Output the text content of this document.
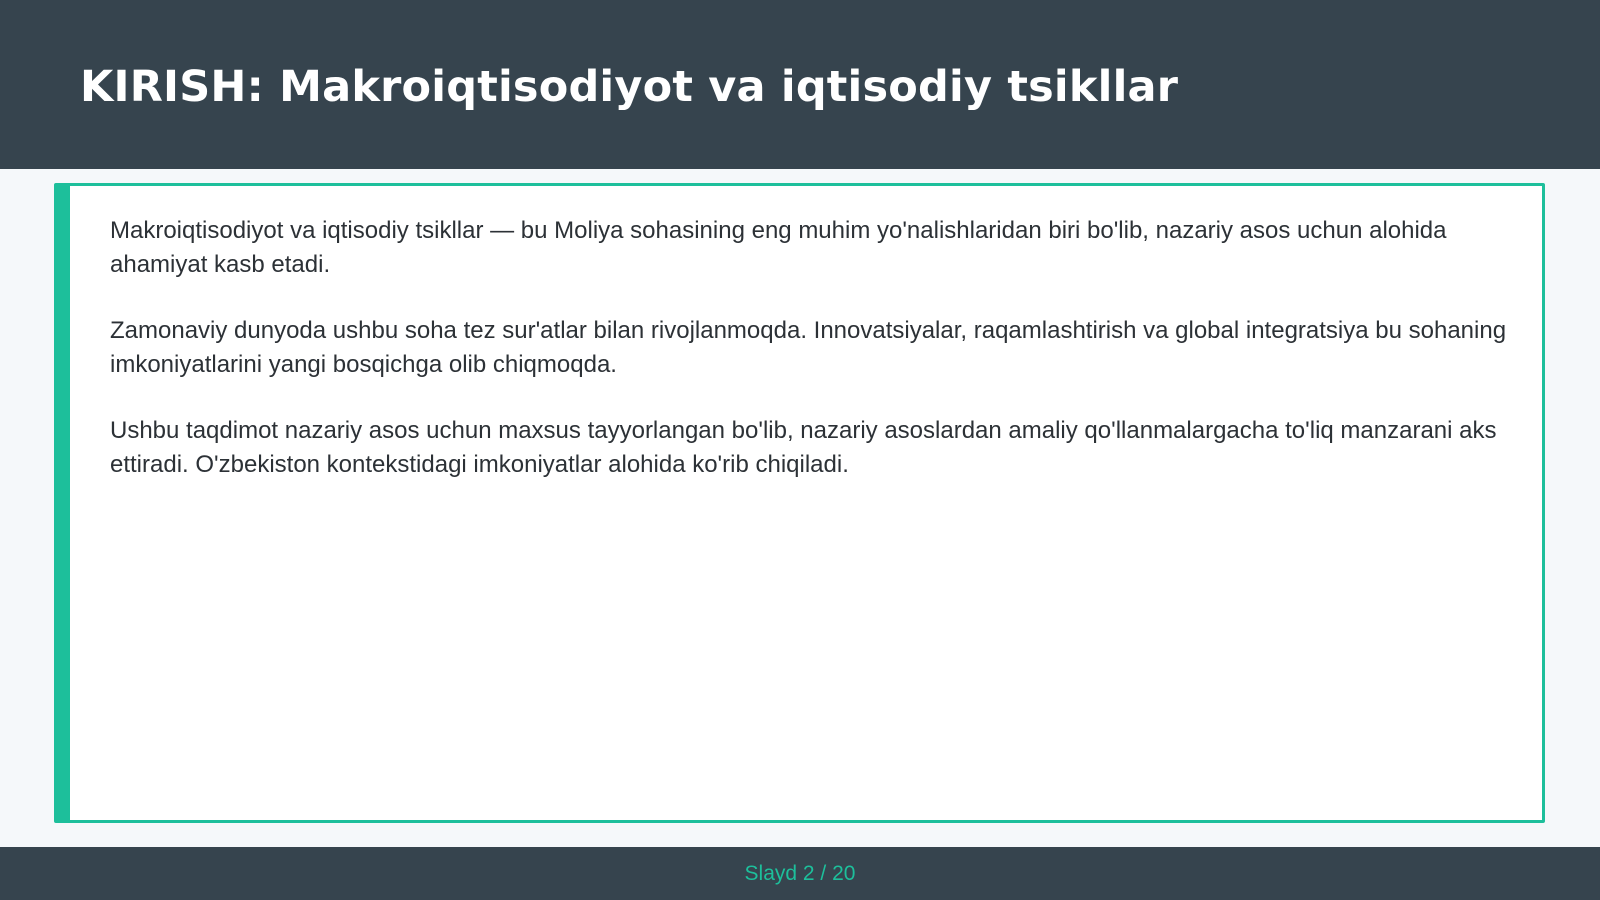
KIRISH: Makroiqtisodiyot va iqtisodiy tsikllar

Makroiqtisodiyot va iqtisodiy tsikllar — bu Moliya sohasining eng muhim yo'nalishlaridan biri bo'lib, nazariy asos uchun alohida ahamiyat kasb etadi.

Zamonaviy dunyoda ushbu soha tez sur'atlar bilan rivojlanmoqda. Innovatsiyalar, raqamlashtirish va global integratsiya bu sohaning imkoniyatlarini yangi bosqichga olib chiqmoqda.

Ushbu taqdimot nazariy asos uchun maxsus tayyorlangan bo'lib, nazariy asoslardan amaliy qo'llanmalargacha to'liq manzarani aks ettiradi. O'zbekiston kontekstidagi imkoniyatlar alohida ko'rib chiqiladi.

Slayd 2 / 20
